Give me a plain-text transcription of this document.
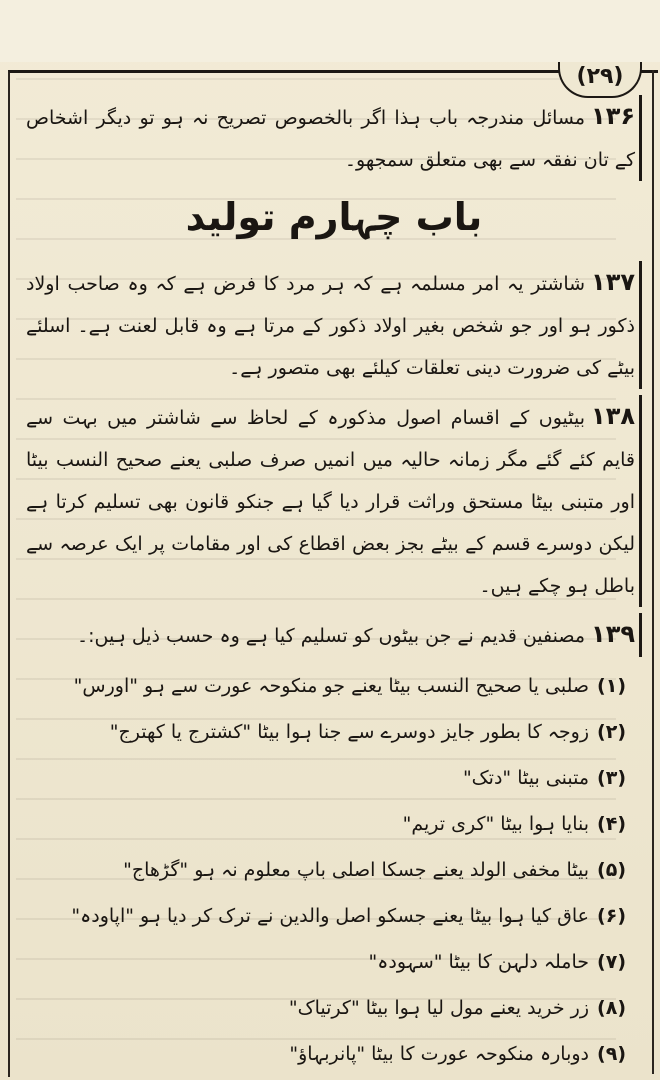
(۲۹)

۱۳۶مسائل مندرجہ باب ہذا اگر بالخصوص تصریح نہ ہو تو دیگر اشخاص کے تان نفقہ سے بھی متعلق سمجھو۔

باب چہارم تولید

۱۳۷شاشتر یہ امر مسلمہ ہے کہ ہر مرد کا فرض ہے کہ وہ صاحب اولاد ذکور ہو اور جو شخص بغیر اولاد ذکور کے مرتا ہے وہ قابل لعنت ہے۔ اسلئے بیٹے کی ضرورت دینی تعلقات کیلئے بھی متصور ہے۔

۱۳۸بیٹیوں کے اقسام اصول مذکورہ کے لحاظ سے شاشتر میں بہت سے قایم کئے گئے مگر زمانہ حالیہ میں انمیں صرف صلبی یعنے صحیح النسب بیٹا اور متبنی بیٹا مستحق وراثت قرار دیا گیا ہے جنکو قانون بھی تسلیم کرتا ہے لیکن دوسرے قسم کے بیٹے بجز بعض اقطاع کی اور مقامات پر ایک عرصہ سے باطل ہو چکے ہیں۔

۱۳۹مصنفین قدیم نے جن بیٹوں کو تسلیم کیا ہے وہ حسب ذیل ہیں:۔

(۱)صلبی یا صحیح النسب بیٹا یعنے جو منکوحہ عورت سے ہو "اورس"
(۲)زوجہ کا بطور جایز دوسرے سے جنا ہوا بیٹا "کشترج یا کھترج"
(۳)متبنی بیٹا "دتک"
(۴)بنایا ہوا بیٹا "کری تریم"
(۵)بیٹا مخفی الولد یعنے جسکا اصلی باپ معلوم نہ ہو "گڑھاج"
(۶)عاق کیا ہوا بیٹا یعنے جسکو اصل والدین نے ترک کر دیا ہو "اپاودہ"
(۷)حاملہ دلہن کا بیٹا "سہودہ"
(۸)زر خرید یعنے مول لیا ہوا بیٹا "کرتیاک"
(۹)دوبارہ منکوحہ عورت کا بیٹا "پانربہاؤ"
